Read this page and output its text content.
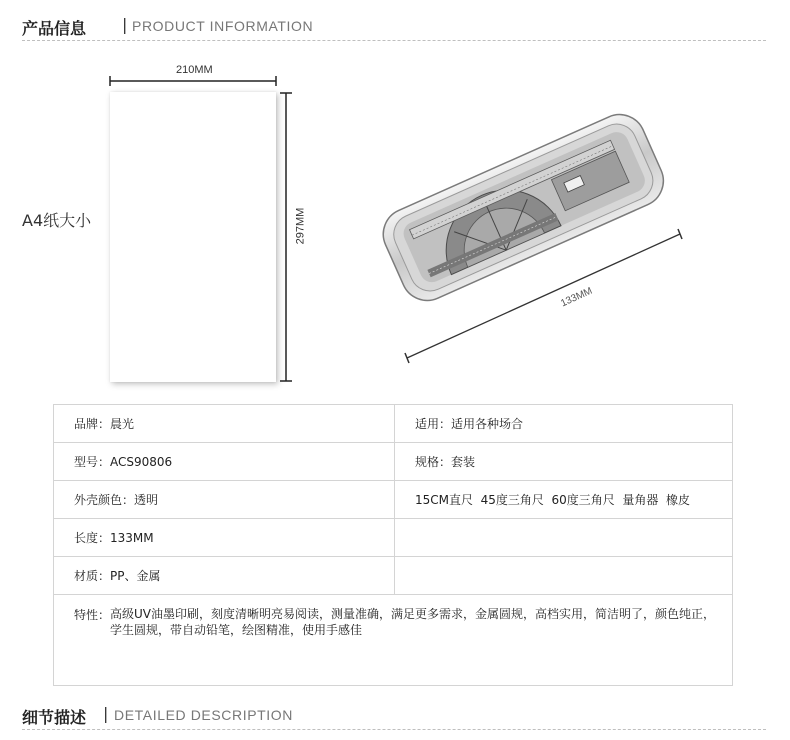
产品信息 | PRODUCT INFORMATION
A4纸大小
210MM
297MM
133MM
品牌：晨光	适用：适用各种场合
型号：ACS90806	规格：套装
外壳颜色：透明	15CM直尺  45度三角尺  60度三角尺  量角器  橡皮
长度：133MM	
材质：PP、金属	

特性： 高级UV油墨印刷，刻度清晰明亮易阅读，测量准确，满足更多需求，金属圆规，高档实用，简洁明了，颜色纯正，学生圆规，带自动铅笔，绘图精准，使用手感佳	
细节描述 | DETAILED DESCRIPTION
